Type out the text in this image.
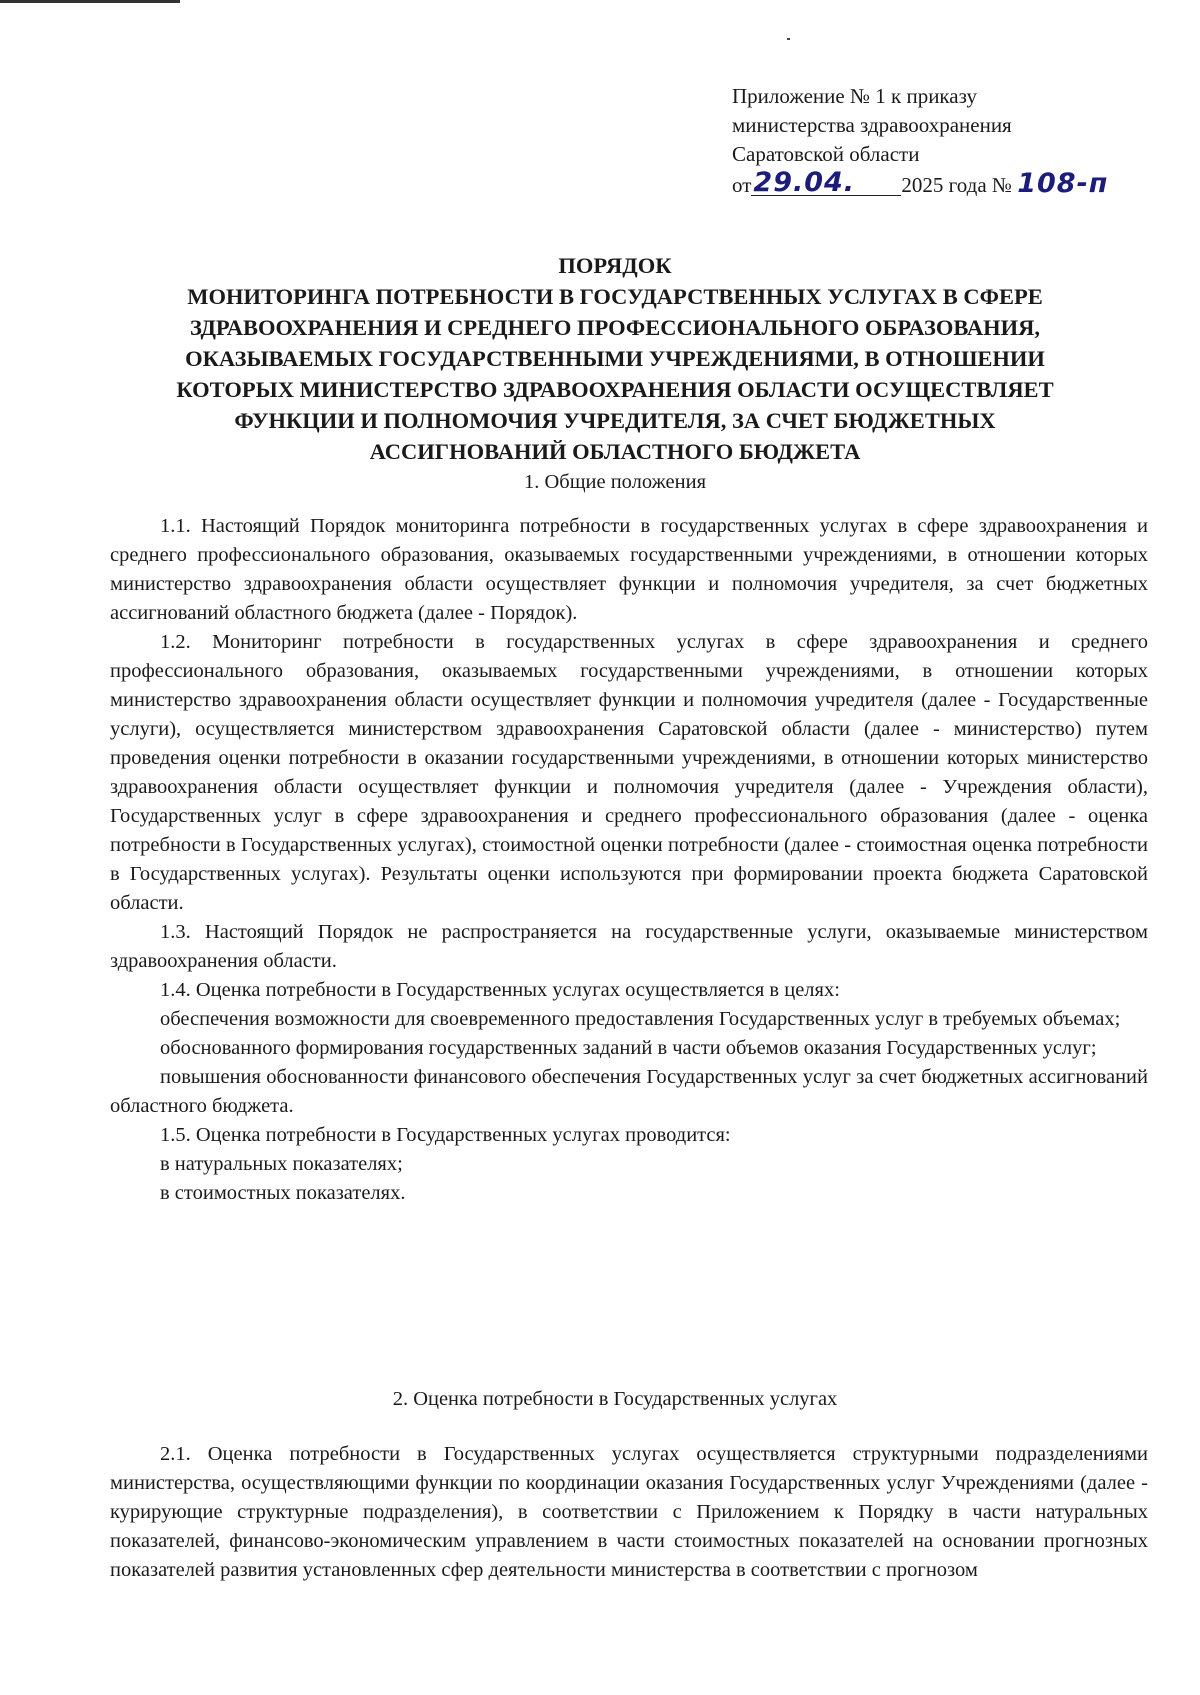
Приложение № 1 к приказу
министерства здравоохранения
Саратовской области
от 29.04. 2025 года № 108-п
ПОРЯДОК
МОНИТОРИНГА ПОТРЕБНОСТИ В ГОСУДАРСТВЕННЫХ УСЛУГАХ В СФЕРЕ
ЗДРАВООХРАНЕНИЯ И СРЕДНЕГО ПРОФЕССИОНАЛЬНОГО ОБРАЗОВАНИЯ,
ОКАЗЫВАЕМЫХ ГОСУДАРСТВЕННЫМИ УЧРЕЖДЕНИЯМИ, В ОТНОШЕНИИ
КОТОРЫХ МИНИСТЕРСТВО ЗДРАВООХРАНЕНИЯ ОБЛАСТИ ОСУЩЕСТВЛЯЕТ
ФУНКЦИИ И ПОЛНОМОЧИЯ УЧРЕДИТЕЛЯ, ЗА СЧЕТ БЮДЖЕТНЫХ
АССИГНОВАНИЙ ОБЛАСТНОГО БЮДЖЕТА
1. Общие положения

1.1. Настоящий Порядок мониторинга потребности в государственных услугах в сфере здравоохранения и среднего профессионального образования, оказываемых государственными учреждениями, в отношении которых министерство здравоохранения области осуществляет функции и полномочия учредителя, за счет бюджетных ассигнований областного бюджета (далее - Порядок).

1.2. Мониторинг потребности в государственных услугах в сфере здравоохранения и среднего профессионального образования, оказываемых государственными учреждениями, в отношении которых министерство здравоохранения области осуществляет функции и полномочия учредителя (далее - Государственные услуги), осуществляется министерством здравоохранения Саратовской области (далее - министерство) путем проведения оценки потребности в оказании государственными учреждениями, в отношении которых министерство здравоохранения области осуществляет функции и полномочия учредителя (далее - Учреждения области), Государственных услуг в сфере здравоохранения и среднего профессионального образования (далее - оценка потребности в Государственных услугах), стоимостной оценки потребности (далее - стоимостная оценка потребности в Государственных услугах). Результаты оценки используются при формировании проекта бюджета Саратовской области.

1.3. Настоящий Порядок не распространяется на государственные услуги, оказываемые министерством здравоохранения области.

1.4. Оценка потребности в Государственных услугах осуществляется в целях:

обеспечения возможности для своевременного предоставления Государственных услуг в требуемых объемах;

обоснованного формирования государственных заданий в части объемов оказания Государственных услуг;

повышения обоснованности финансового обеспечения Государственных услуг за счет бюджетных ассигнований областного бюджета.

1.5. Оценка потребности в Государственных услугах проводится:

в натуральных показателях;

в стоимостных показателях.

2. Оценка потребности в Государственных услугах

2.1. Оценка потребности в Государственных услугах осуществляется структурными подразделениями министерства, осуществляющими функции по координации оказания Государственных услуг Учреждениями (далее - курирующие структурные подразделения), в соответствии с Приложением к Порядку в части натуральных показателей, финансово-экономическим управлением в части стоимостных показателей на основании прогнозных показателей развития установленных сфер деятельности министерства в соответствии с прогнозом
